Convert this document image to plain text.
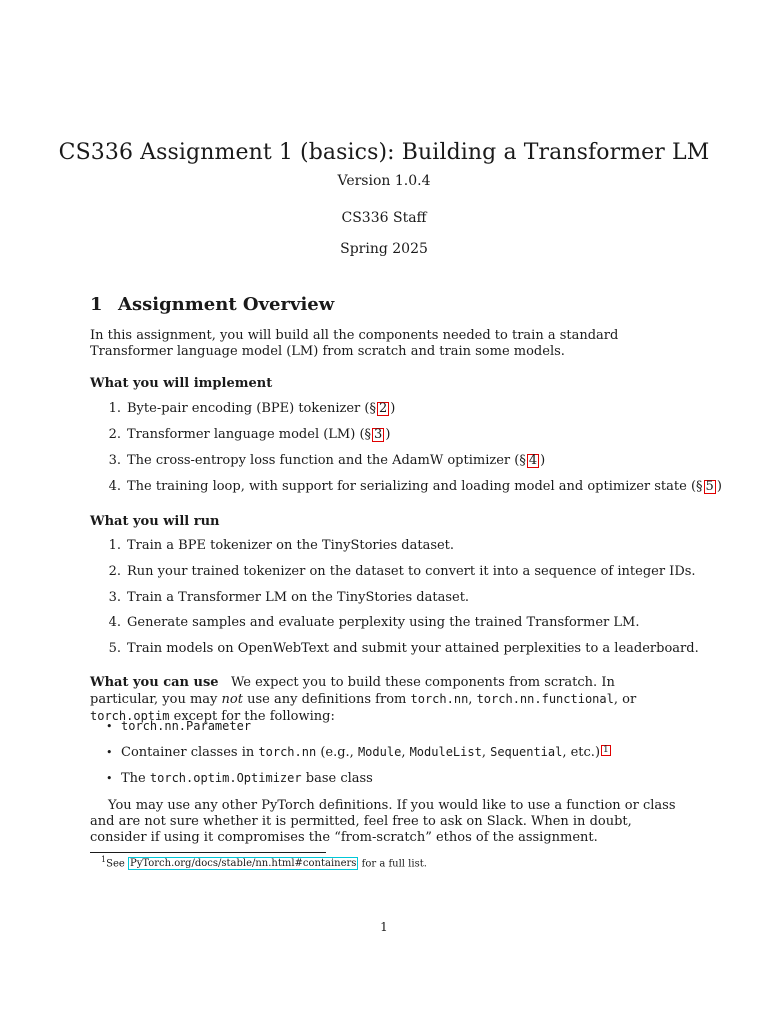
CS336 Assignment 1 (basics): Building a Transformer LM
Version 1.0.4
CS336 Staff
Spring 2025
1 Assignment Overview
In this assignment, you will build all the components needed to train a standard Transformer language model (LM) from scratch and train some models.
What you will implement
1. Byte-pair encoding (BPE) tokenizer (§ 2 )
2. Transformer language model (LM) (§ 3 )
3. The cross-entropy loss function and the AdamW optimizer (§ 4 )
4. The training loop, with support for serializing and loading model and optimizer state (§ 5 )
What you will run
1. Train a BPE tokenizer on the TinyStories dataset.
2. Run your trained tokenizer on the dataset to convert it into a sequence of integer IDs.
3. Train a Transformer LM on the TinyStories dataset.
4. Generate samples and evaluate perplexity using the trained Transformer LM.
5. Train models on OpenWebText and submit your attained perplexities to a leaderboard.
What you can use We expect you to build these components from scratch. In particular, you may not use any definitions from torch.nn, torch.nn.functional, or torch.optim except for the following:
• torch.nn.Parameter
• Container classes in torch.nn (e.g., Module, ModuleList, Sequential, etc.) 1
• The torch.optim.Optimizer base class
You may use any other PyTorch definitions. If you would like to use a function or class and are not sure whether it is permitted, feel free to ask on Slack. When in doubt, consider if using it compromises the “from-scratch” ethos of the assignment.
$^1$See PyTorch.org/docs/stable/nn.html#containers for a full list.
1
